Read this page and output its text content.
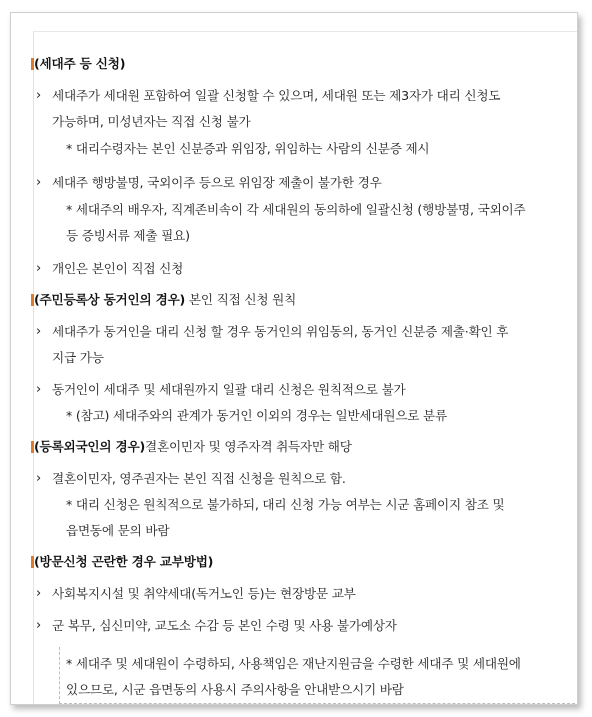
(세대주 등 신청)
› 세대주가 세대원 포함하여 일괄 신청할 수 있으며, 세대원 또는 제3자가 대리 신청도
가능하며, 미성년자는 직접 신청 불가
* 대리수령자는 본인 신분증과 위임장, 위임하는 사람의 신분증 제시
› 세대주 행방불명, 국외이주 등으로 위임장 제출이 불가한 경우
* 세대주의 배우자, 직계존비속이 각 세대원의 동의하에 일괄신청 (행방불명, 국외이주
등 증빙서류 제출 필요)
› 개인은 본인이 직접 신청
(주민등록상 동거인의 경우) 본인 직접 신청 원칙
› 세대주가 동거인을 대리 신청 할 경우 동거인의 위임동의, 동거인 신분증 제출·확인 후
지급 가능
› 동거인이 세대주 및 세대원까지 일괄 대리 신청은 원칙적으로 불가
* (참고) 세대주와의 관계가 동거인 이외의 경우는 일반세대원으로 분류
(등록외국인의 경우)결혼이민자 및 영주자격 취득자만 해당
› 결혼이민자, 영주권자는 본인 직접 신청을 원칙으로 함.
* 대리 신청은 원칙적으로 불가하되, 대리 신청 가능 여부는 시군 홈페이지 참조 및
읍면동에 문의 바람
(방문신청 곤란한 경우 교부방법)
› 사회복지시설 및 취약세대(독거노인 등)는 현장방문 교부
› 군 복무, 심신미약, 교도소 수감 등 본인 수령 및 사용 불가예상자
* 세대주 및 세대원이 수령하되, 사용책임은 재난지원금을 수령한 세대주 및 세대원에
있으므로, 시군 읍면동의 사용시 주의사항을 안내받으시기 바람
